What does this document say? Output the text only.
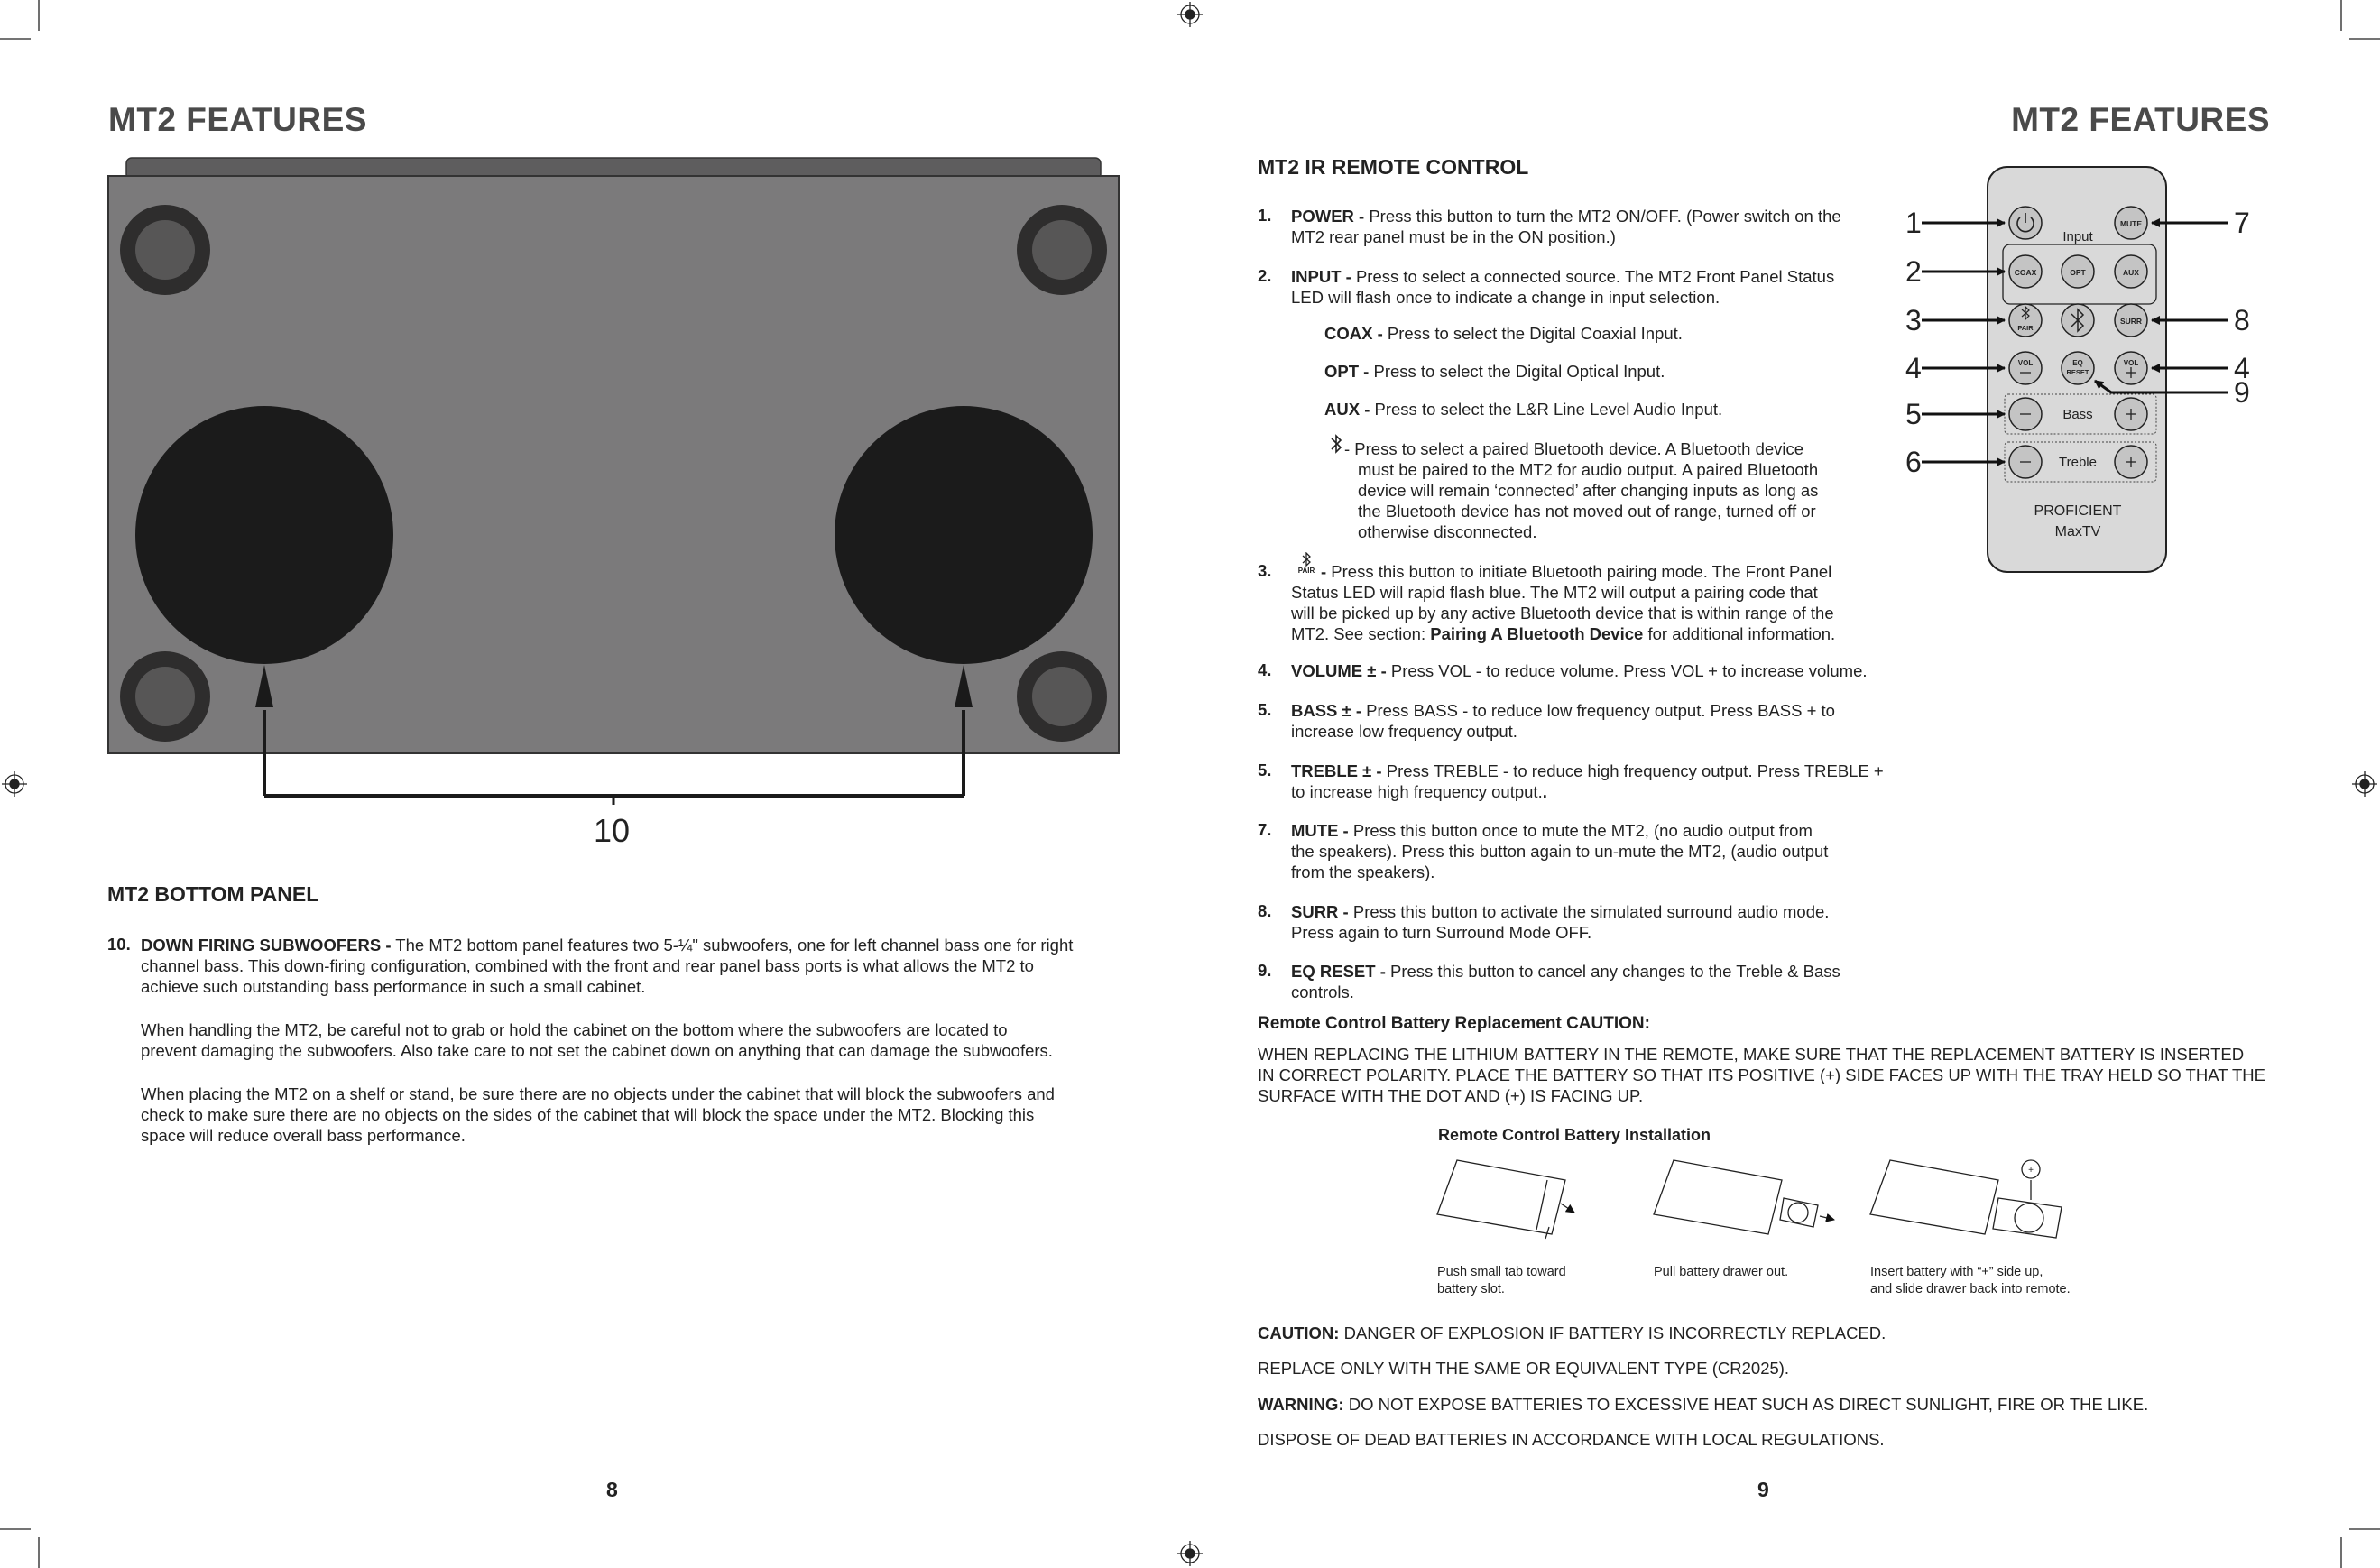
MT2 FEATURES
10
MT2 BOTTOM PANEL
10. DOWN FIRING SUBWOOFERS - The MT2 bottom panel features two 5-¼" subwoofers, one for left channel bass one for right
channel bass. This down-firing configuration, combined with the front and rear panel bass ports is what allows the MT2 to
achieve such outstanding bass performance in such a small cabinet.
When handling the MT2, be careful not to grab or hold the cabinet on the bottom where the subwoofers are located to
prevent damaging the subwoofers. Also take care to not set the cabinet down on anything that can damage the subwoofers.
When placing the MT2 on a shelf or stand, be sure there are no objects under the cabinet that will block the subwoofers and
check to make sure there are no objects on the sides of the cabinet that will block the space under the MT2. Blocking this
space will reduce overall bass performance.
8
MT2 FEATURES
MT2 IR REMOTE CONTROL
1. POWER - Press this button to turn the MT2 ON/OFF. (Power switch on the
MT2 rear panel must be in the ON position.)
2. INPUT - Press to select a connected source. The MT2 Front Panel Status
LED will flash once to indicate a change in input selection.
COAX - Press to select the Digital Coaxial Input.
OPT - Press to select the Digital Optical Input.
AUX - Press to select the L&R Line Level Audio Input.
- Press to select a paired Bluetooth device. A Bluetooth device
must be paired to the MT2 for audio output. A paired Bluetooth
device will remain ‘connected’ after changing inputs as long as
the Bluetooth device has not moved out of range, turned off or
otherwise disconnected.
3.	PAIR - Press this button to initiate Bluetooth pairing mode. The Front Panel
Status LED will rapid flash blue. The MT2 will output a pairing code that
will be picked up by any active Bluetooth device that is within range of the
MT2. See section: Pairing A Bluetooth Device for additional information.
4. VOLUME ± - Press VOL - to reduce volume. Press VOL + to increase volume.
5. BASS ± - Press BASS - to reduce low frequency output. Press BASS + to
increase low frequency output.
5. TREBLE ± - Press TREBLE - to reduce high frequency output. Press TREBLE +
to increase high frequency output..
7. MUTE - Press this button once to mute the MT2, (no audio output from
the speakers). Press this button again to un-mute the MT2, (audio output
from the speakers).
8. SURR - Press this button to activate the simulated surround audio mode.
Press again to turn Surround Mode OFF.
9. EQ RESET - Press this button to cancel any changes to the Treble & Bass
controls.
Input
MUTE
COAX	OPT	AUX
PAIR
SURR
VOL	EQ
RESET
VOL
Bass
Treble
PROFICIENT
MaxTV
1
2
3
4
5
6
7
8
4
9
Remote Control Battery Replacement CAUTION:
WHEN REPLACING THE LITHIUM BATTERY IN THE REMOTE, MAKE SURE THAT THE REPLACEMENT BATTERY IS INSERTED
IN CORRECT POLARITY. PLACE THE BATTERY SO THAT ITS POSITIVE (+) SIDE FACES UP WITH THE TRAY HELD SO THAT THE
SURFACE WITH THE DOT AND (+) IS FACING UP.
Remote Control Battery Installation
+
Push small tab toward
battery slot.
Pull battery drawer out.	Insert battery with “+” side up,
and slide drawer back into remote.
CAUTION: DANGER OF EXPLOSION IF BATTERY IS INCORRECTLY REPLACED.
REPLACE ONLY WITH THE SAME OR EQUIVALENT TYPE (CR2025).
WARNING: DO NOT EXPOSE BATTERIES TO EXCESSIVE HEAT SUCH AS DIRECT SUNLIGHT, FIRE OR THE LIKE.
DISPOSE OF DEAD BATTERIES IN ACCORDANCE WITH LOCAL REGULATIONS.
9
